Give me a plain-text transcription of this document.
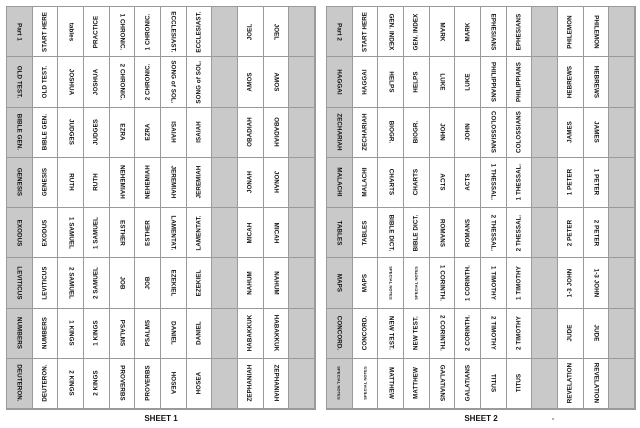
Part 1
OLD TEST.
BIBLE GEN.
GENESIS
EXODUS
LEVITICUS
NUMBERS
DEUTERON.
START HERE
OLD TEST.
BIBLE GEN.
GENESIS
EXODUS
LEVITICUS
NUMBERS
DEUTERON.
tables
JOSHUA
JUDGES
RUTH
1 SAMUEL
2 SAMUEL
1 KINGS
2 KINGS
PRACTICE
JOSHUA
JUDGES
RUTH
1 SAMUEL
2 SAMUEL
1 KINGS
2 KINGS
1 CHRONIC.
2 CHRONIC.
EZRA
NEHEMIAH
ESTHER
JOB
PSALMS
PROVERBS
1 CHRONIC.
2 CHRONIC.
EZRA
NEHEMIAH
ESTHER
JOB
PSALMS
PROVERBS
ECCLESIAST.
SONG of SOL.
ISAIAH
JEREMIAH
LAMENTAT.
EZEKIEL
DANIEL
HOSEA
ECCLESIAST.
SONG of SOL.
ISAIAH
JEREMIAH
LAMENTAT.
EZEKIEL
DANIEL
HOSEA
JOEL
AMOS
OBADIAH
JONAH
MICAH
NAHUM
HABAKKUK
ZEPHANIAH
JOEL
AMOS
OBADIAH
JONAH
MICAH
NAHUM
HABAKKUK
ZEPHANIAH
Part 2
HAGGAI
ZECHARIAH
MALACHI
TABLES
MAPS
CONCORD.
SPECIAL NOTES
START HERE
HAGGAI
ZECHARIAH
MALACHI
TABLES
MAPS
CONCORD.
SPECIAL NOTES
GEN. INDEX
HELPS
BIOGR.
CHARTS
BIBLE DICT.
SPECIAL NOTES
NEW TEST.
MATTHEW
GEN. INDEX
HELPS
BIOGR.
CHARTS
BIBLE DICT.
SPECIAL NOTES
NEW TEST.
MATTHEW
MARK
LUKE
JOHN
ACTS
ROMANS
1 CORINTH.
2 CORINTH.
GALATIANS
MARK
LUKE
JOHN
ACTS
ROMANS
1 CORINTH.
2 CORINTH.
GALATIANS
EPHESIANS
PHILIPPIANS
COLOSSIANS
1 THESSAL.
2 THESSAL.
1 TIMOTHY
2 TIMOTHY
TITUS
EPHESIANS
PHILIPPIANS
COLOSSIANS
1 THESSAL.
2 THESSAL.
1 TIMOTHY
2 TIMOTHY
TITUS
PHILEMON
HEBREWS
JAMES
1 PETER
2 PETER
1-3 JOHN
JUDE
REVELATION
PHILEMON
HEBREWS
JAMES
1 PETER
2 PETER
1-3 JOHN
JUDE
REVELATION
SHEET 1	SHEET 2
